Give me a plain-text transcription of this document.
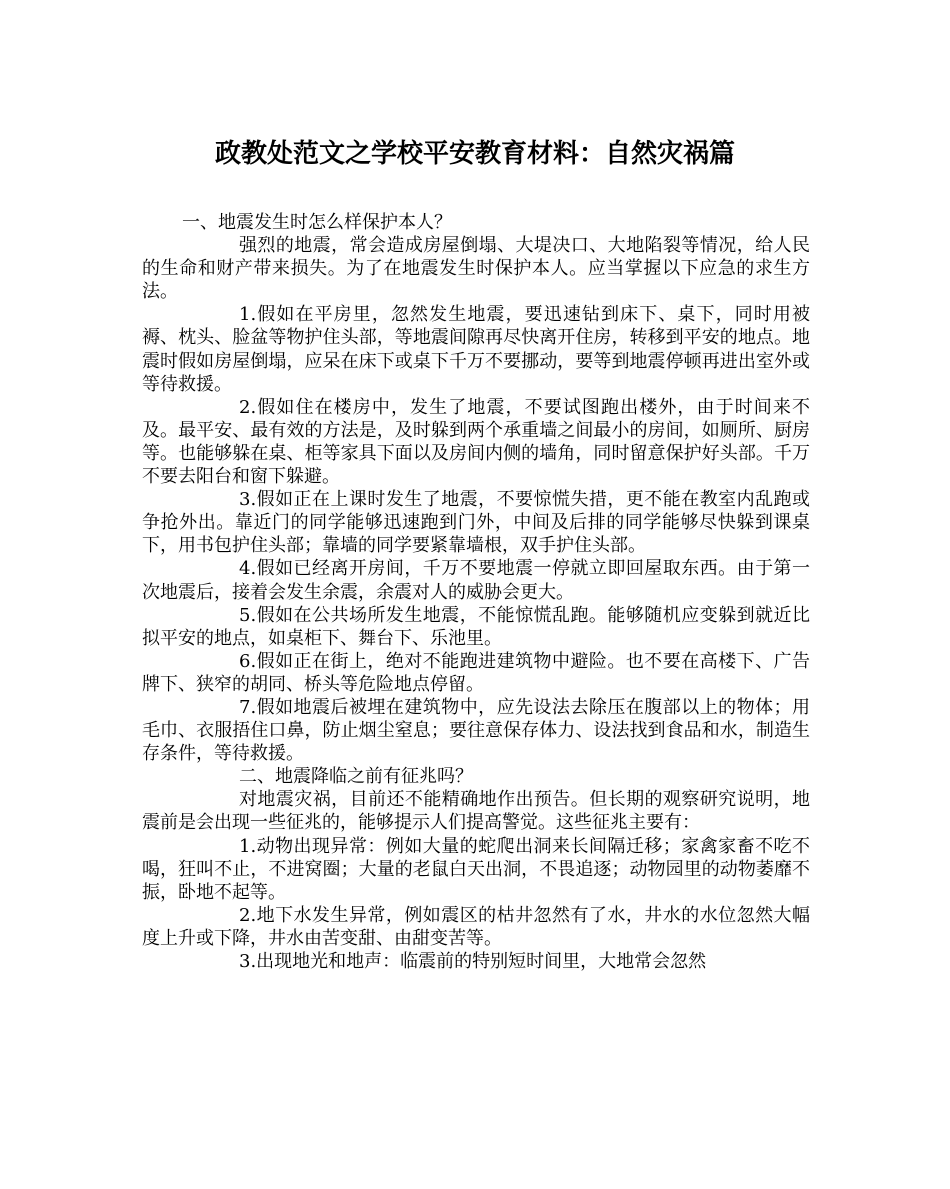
政教处范文之学校平安教育材料：自然灾祸篇

一、地震发生时怎么样保护本人？

强烈的地震，常会造成房屋倒塌、大堤决口、大地陷裂等情况，给人民的生命和财产带来损失。为了在地震发生时保护本人。应当掌握以下应急的求生方法。

1.假如在平房里，忽然发生地震，要迅速钻到床下、桌下，同时用被褥、枕头、脸盆等物护住头部，等地震间隙再尽快离开住房，转移到平安的地点。地震时假如房屋倒塌，应呆在床下或桌下千万不要挪动，要等到地震停顿再进出室外或等待救援。

2.假如住在楼房中，发生了地震，不要试图跑出楼外，由于时间来不及。最平安、最有效的方法是，及时躲到两个承重墙之间最小的房间，如厕所、厨房等。也能够躲在桌、柜等家具下面以及房间内侧的墙角，同时留意保护好头部。千万不要去阳台和窗下躲避。

3.假如正在上课时发生了地震，不要惊慌失措，更不能在教室内乱跑或争抢外出。靠近门的同学能够迅速跑到门外，中间及后排的同学能够尽快躲到课桌下，用书包护住头部；靠墙的同学要紧靠墙根，双手护住头部。

4.假如已经离开房间，千万不要地震一停就立即回屋取东西。由于第一次地震后，接着会发生余震，余震对人的威胁会更大。

5.假如在公共场所发生地震，不能惊慌乱跑。能够随机应变躲到就近比拟平安的地点，如桌柜下、舞台下、乐池里。

6.假如正在街上，绝对不能跑进建筑物中避险。也不要在高楼下、广告牌下、狭窄的胡同、桥头等危险地点停留。

7.假如地震后被埋在建筑物中，应先设法去除压在腹部以上的物体；用毛巾、衣服捂住口鼻，防止烟尘窒息；要往意保存体力、设法找到食品和水，制造生存条件，等待救援。

二、地震降临之前有征兆吗？

对地震灾祸，目前还不能精确地作出预告。但长期的观察研究说明，地震前是会出现一些征兆的，能够提示人们提高警觉。这些征兆主要有：

1.动物出现异常：例如大量的蛇爬出洞来长间隔迁移；家禽家畜不吃不喝，狂叫不止，不进窝圈；大量的老鼠白天出洞，不畏追逐；动物园里的动物萎靡不振，卧地不起等。

2.地下水发生异常，例如震区的枯井忽然有了水，井水的水位忽然大幅度上升或下降，井水由苦变甜、由甜变苦等。

3.出现地光和地声：临震前的特别短时间里，大地常会忽然
